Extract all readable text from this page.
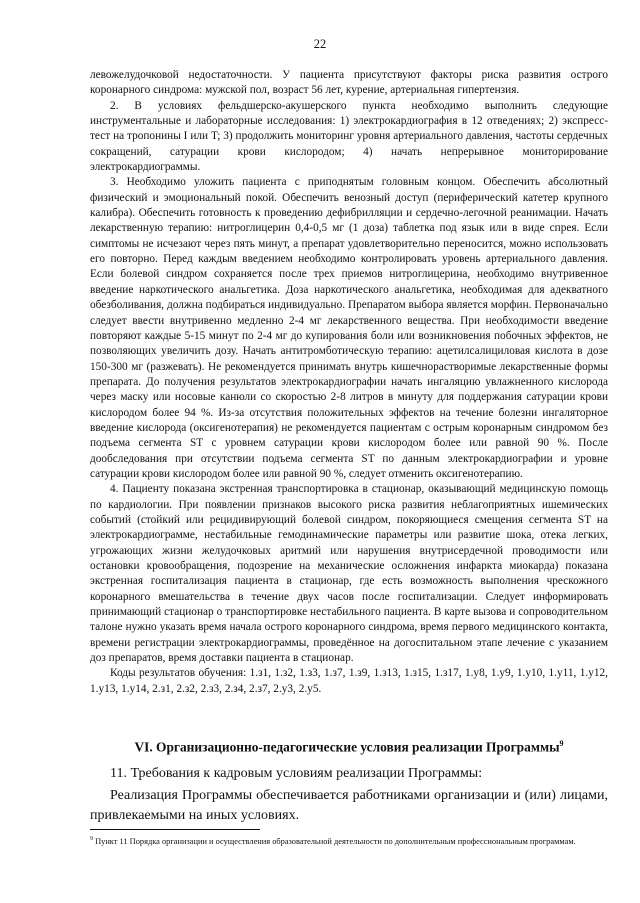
22

левожелудочковой недостаточности. У пациента присутствуют факторы риска развития острого коронарного синдрома: мужской пол, возраст 56 лет, курение, артериальная гипертензия.

2. В условиях фельдшерско-акушерского пункта необходимо выполнить следующие инструментальные и лабораторные исследования: 1) электрокардиография в 12 отведениях; 2) экспресс-тест на тропонины I или T; 3) продолжить мониторинг уровня артериального давления, частоты сердечных сокращений, сатурации крови кислородом; 4) начать непрерывное мониторирование электрокардиограммы.

3. Необходимо уложить пациента с приподнятым головным концом. Обеспечить абсолютный физический и эмоциональный покой. Обеспечить венозный доступ (периферический катетер крупного калибра). Обеспечить готовность к проведению дефибрилляции и сердечно-легочной реанимации. Начать лекарственную терапию: нитроглицерин 0,4-0,5 мг (1 доза) таблетка под язык или в виде спрея. Если симптомы не исчезают через пять минут, а препарат удовлетворительно переносится, можно использовать его повторно. Перед каждым введением необходимо контролировать уровень артериального давления. Если болевой синдром сохраняется после трех приемов нитроглицерина, необходимо внутривенное введение наркотического анальгетика. Доза наркотического анальгетика, необходимая для адекватного обезболивания, должна подбираться индивидуально. Препаратом выбора является морфин. Первоначально следует ввести внутривенно медленно 2-4 мг лекарственного вещества. При необходимости введение повторяют каждые 5-15 минут по 2-4 мг до купирования боли или возникновения побочных эффектов, не позволяющих увеличить дозу. Начать антитромботическую терапию: ацетилсалициловая кислота в дозе 150-300 мг (разжевать). Не рекомендуется принимать внутрь кишечнорастворимые лекарственные формы препарата. До получения результатов электрокардиографии начать ингаляцию увлажненного кислорода через маску или носовые канюли со скоростью 2-8 литров в минуту для поддержания сатурации крови кислородом более 94 %. Из-за отсутствия положительных эффектов на течение болезни ингаляторное введение кислорода (оксигенотерапия) не рекомендуется пациентам с острым коронарным синдромом без подъема сегмента ST с уровнем сатурации крови кислородом более или равной 90 %. После дообследования при отсутствии подъема сегмента ST по данным электрокардиографии и уровне сатурации крови кислородом более или равной 90 %, следует отменить оксигенотерапию.

4. Пациенту показана экстренная транспортировка в стационар, оказывающий медицинскую помощь по кардиологии. При появлении признаков высокого риска развития неблагоприятных ишемических событий (стойкий или рецидивирующий болевой синдром, покоряющиеся смещения сегмента ST на электрокардиограмме, нестабильные гемодинамические параметры или развитие шока, отека легких, угрожающих жизни желудочковых аритмий или нарушения внутрисердечной проводимости или остановки кровообращения, подозрение на механические осложнения инфаркта миокарда) показана экстренная госпитализация пациента в стационар, где есть возможность выполнения чрескожного коронарного вмешательства в течение двух часов после госпитализации. Следует информировать принимающий стационар о транспортировке нестабильного пациента. В карте вызова и сопроводительном талоне нужно указать время начала острого коронарного синдрома, время первого медицинского контакта, времени регистрации электрокардиограммы, проведённое на догоспитальном этапе лечение с указанием доз препаратов, время доставки пациента в стационар.

Коды результатов обучения: 1.з1, 1.з2, 1.з3, 1.з7, 1.з9, 1.з13, 1.з15, 1.з17, 1.у8, 1.у9, 1.у10, 1.у11, 1.у12, 1.у13, 1.у14, 2.з1, 2.з2, 2.з3, 2.з4, 2.з7, 2.у3, 2.у5.

VI. Организационно-педагогические условия реализации Программы$^9$
11. Требования к кадровым условиям реализации Программы:

Реализация Программы обеспечивается работниками организации и (или) лицами, привлекаемыми на иных условиях.

$^9$ Пункт 11 Порядка организации и осуществления образовательной деятельности по дополнительным профессиональным программам.
